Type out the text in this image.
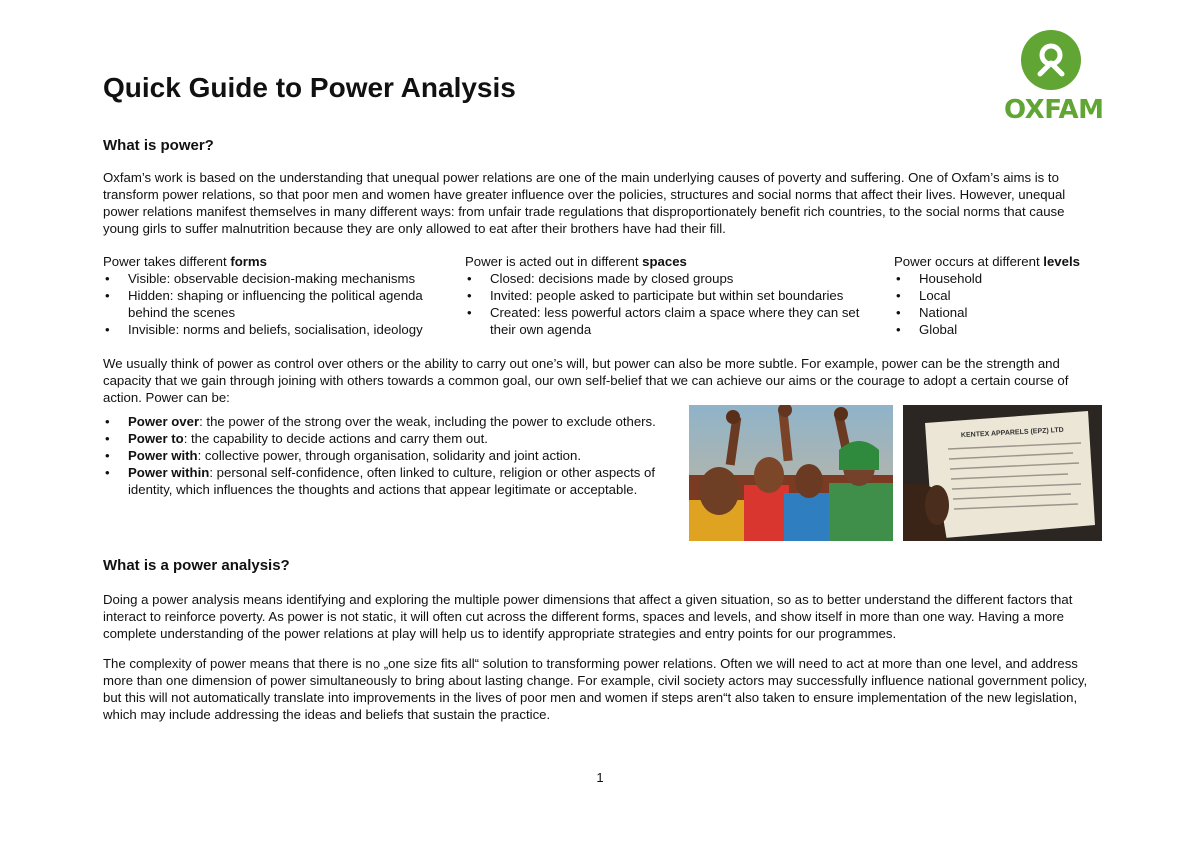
OXFAM
Quick Guide to Power Analysis
What is power?

Oxfam’s work is based on the understanding that unequal power relations are one of the main underlying causes of poverty and suffering. One of Oxfam’s aims is to transform power relations, so that poor men and women have greater influence over the policies, structures and social norms that affect their lives. However, unequal power relations manifest themselves in many different ways: from unfair trade regulations that disproportionately benefit rich countries, to the social norms that cause young girls to suffer malnutrition because they are only allowed to eat after their brothers have had their fill.

Power takes different forms

• Visible: observable decision-making mechanisms
• Hidden: shaping or influencing the political agenda behind the scenes
• Invisible: norms and beliefs, socialisation, ideology

Power is acted out in different spaces

• Closed: decisions made by closed groups
• Invited: people asked to participate but within set boundaries
• Created: less powerful actors claim a space where they can set their own agenda

Power occurs at different levels

• Household
• Local
• National
• Global

We usually think of power as control over others or the ability to carry out one’s will, but power can also be more subtle. For example, power can be the strength and capacity that we gain through joining with others towards a common goal, our own self-belief that we can achieve our aims or the courage to adopt a certain course of action. Power can be:

• Power over: the power of the strong over the weak, including the power to exclude others.
• Power to: the capability to decide actions and carry them out.
• Power with: collective power, through organisation, solidarity and joint action.
• Power within: personal self-confidence, often linked to culture, religion or other aspects of identity, which influences the thoughts and actions that appear legitimate or acceptable.
KENTEX APPARELS (EPZ) LTD
What is a power analysis?

Doing a power analysis means identifying and exploring the multiple power dimensions that affect a given situation, so as to better understand the different factors that interact to reinforce poverty. As power is not static, it will often cut across the different forms, spaces and levels, and show itself in more than one way. Having a more complete understanding of the power relations at play will help us to identify appropriate strategies and entry points for our programmes.

The complexity of power means that there is no „one size fits all“ solution to transforming power relations. Often we will need to act at more than one level, and address more than one dimension of power simultaneously to bring about lasting change. For example, civil society actors may successfully influence national government policy, but this will not automatically translate into improvements in the lives of poor men and women if steps aren“t also taken to ensure implementation of the new legislation, which may include addressing the ideas and beliefs that sustain the practice.

1
